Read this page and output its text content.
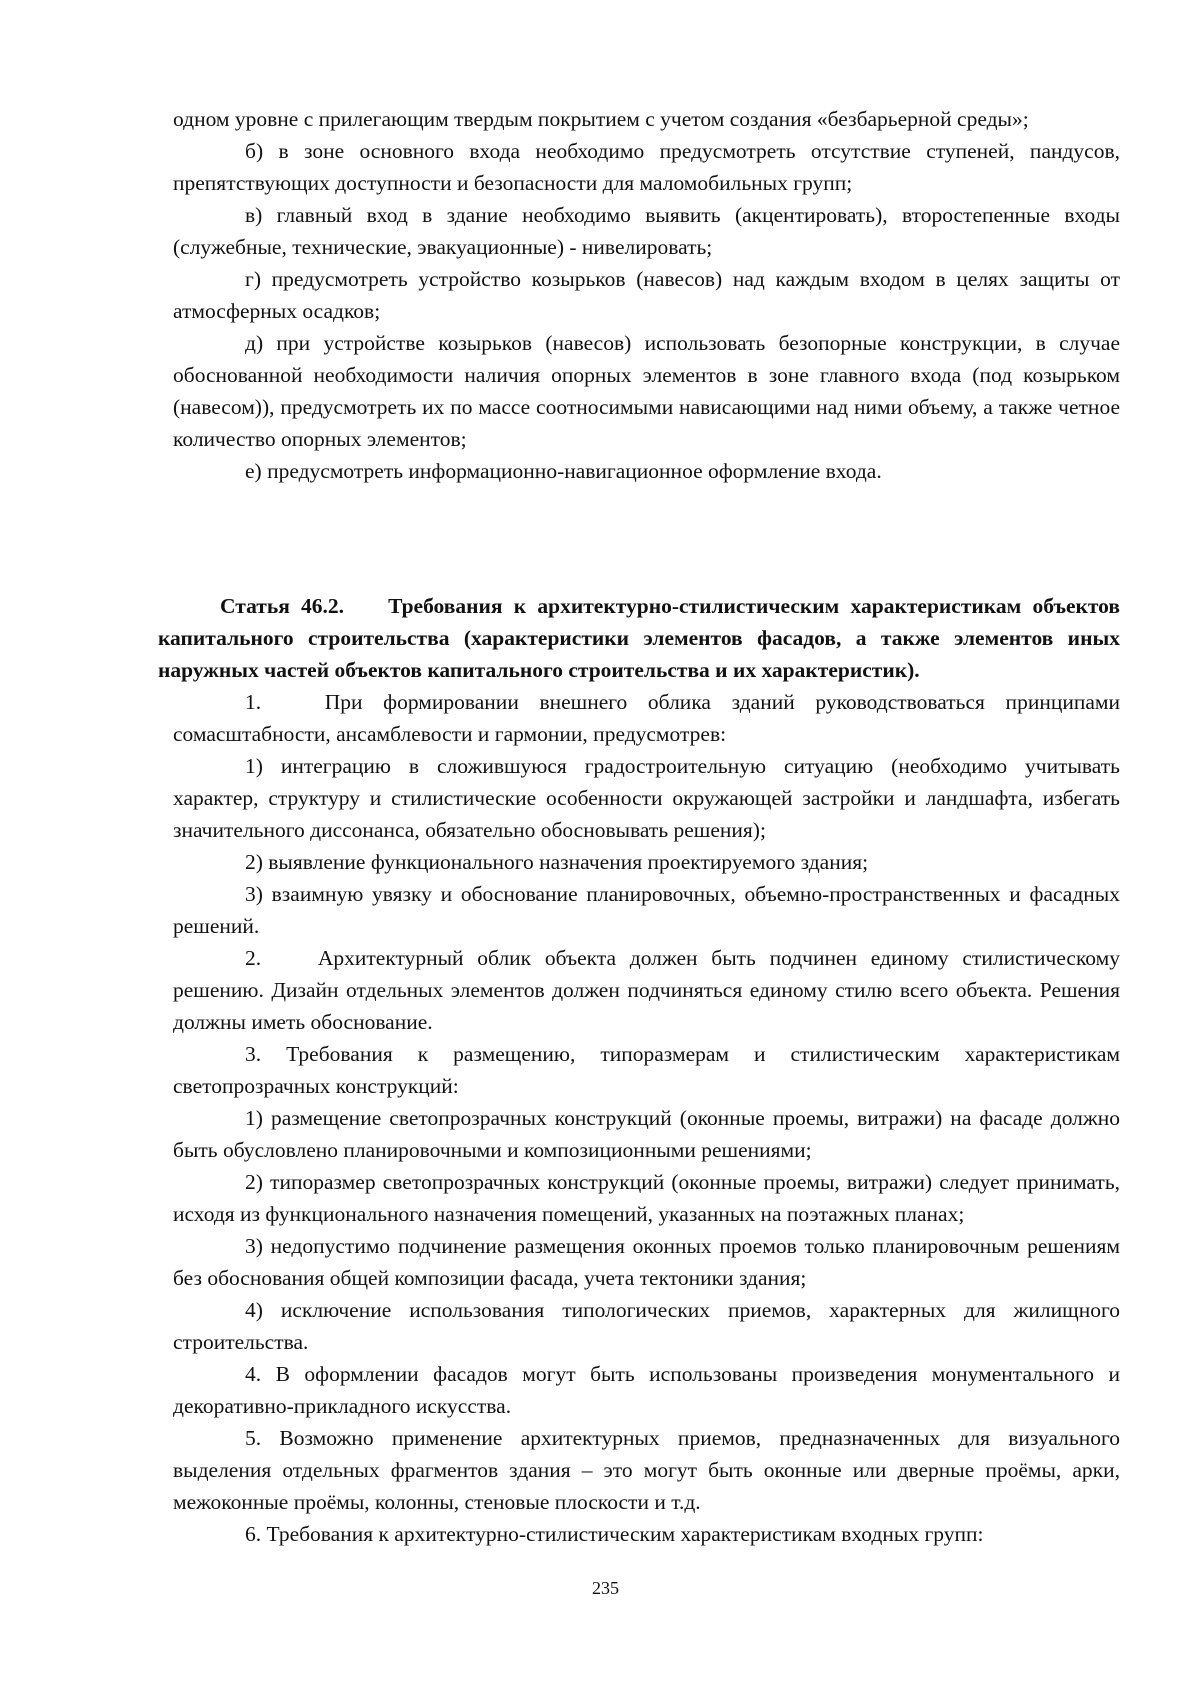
одном уровне с прилегающим твердым покрытием с учетом создания «безбарьерной среды»;

б) в зоне основного входа необходимо предусмотреть отсутствие ступеней, пандусов, препятствующих доступности и безопасности для маломобильных групп;

в) главный вход в здание необходимо выявить (акцентировать), второстепенные входы (служебные, технические, эвакуационные) - нивелировать;

г) предусмотреть устройство козырьков (навесов) над каждым входом в целях защиты от атмосферных осадков;

д) при устройстве козырьков (навесов) использовать безопорные конструкции, в случае обоснованной необходимости наличия опорных элементов в зоне главного входа (под козырьком (навесом)), предусмотреть их по массе соотносимыми нависающими над ними объему, а также четное количество опорных элементов;

е) предусмотреть информационно-навигационное оформление входа.

Статья 46.2. Требования к архитектурно-стилистическим характеристикам объектов капитального строительства (характеристики элементов фасадов, а также элементов иных наружных частей объектов капитального строительства и их характеристик).

1.   При формировании внешнего облика зданий руководствоваться принципами сомасштабности, ансамблевости и гармонии, предусмотрев:

1) интеграцию в сложившуюся градостроительную ситуацию (необходимо учитывать характер, структуру и стилистические особенности окружающей застройки и ландшафта, избегать значительного диссонанса, обязательно обосновывать решения);

2) выявление функционального назначения проектируемого здания;

3) взаимную увязку и обоснование планировочных, объемно-пространственных и фасадных решений.

2.   Архитектурный облик объекта должен быть подчинен единому стилистическому решению. Дизайн отдельных элементов должен подчиняться единому стилю всего объекта. Решения должны иметь обоснование.

3. Требования к размещению, типоразмерам и стилистическим характеристикам светопрозрачных конструкций:

1) размещение светопрозрачных конструкций (оконные проемы, витражи) на фасаде должно быть обусловлено планировочными и композиционными решениями;

2) типоразмер светопрозрачных конструкций (оконные проемы, витражи) следует принимать, исходя из функционального назначения помещений, указанных на поэтажных планах;

3) недопустимо подчинение размещения оконных проемов только планировочным решениям без обоснования общей композиции фасада, учета тектоники здания;

4) исключение использования типологических приемов, характерных для жилищного строительства.

4. В оформлении фасадов могут быть использованы произведения монументального и декоративно-прикладного искусства.

5. Возможно применение архитектурных приемов, предназначенных для визуального выделения отдельных фрагментов здания – это могут быть оконные или дверные проёмы, арки, межоконные проёмы, колонны, стеновые плоскости и т.д.

6. Требования к архитектурно-стилистическим характеристикам входных групп:

235
